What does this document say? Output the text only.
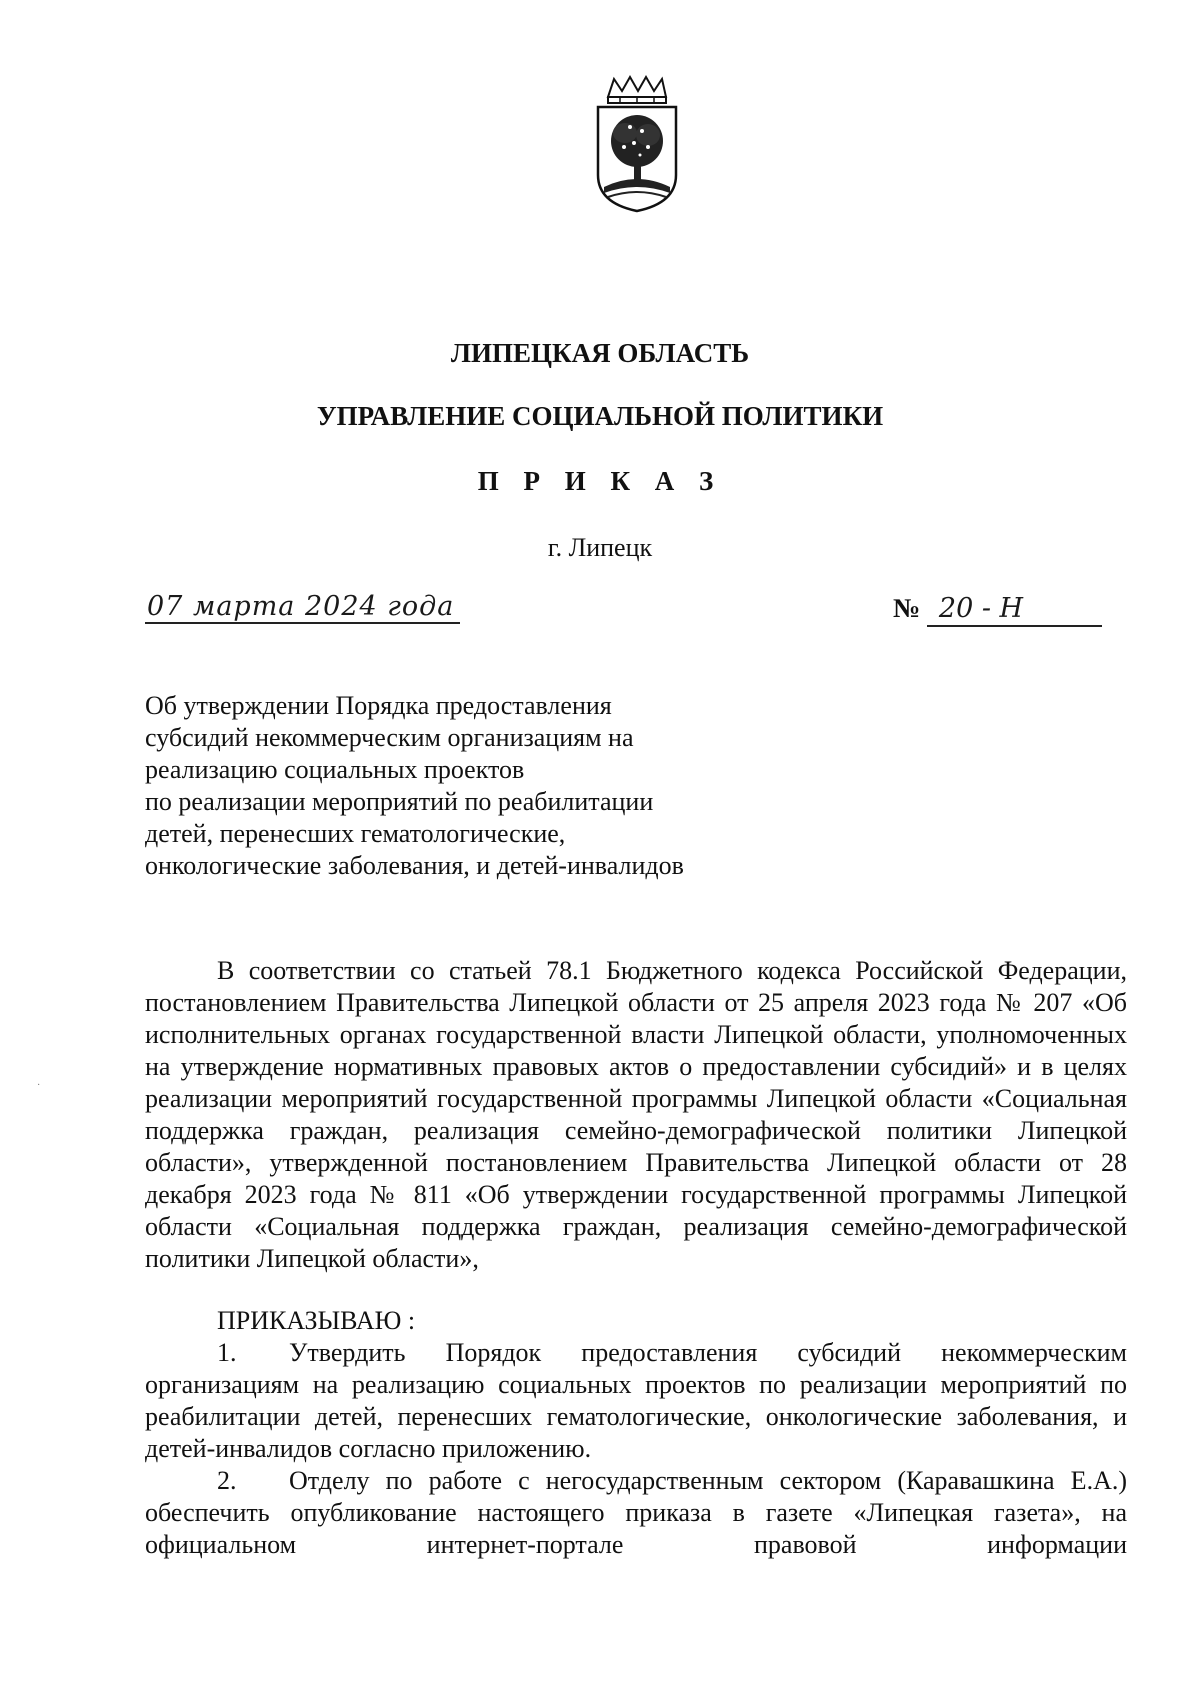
ЛИПЕЦКАЯ ОБЛАСТЬ
УПРАВЛЕНИЕ СОЦИАЛЬНОЙ ПОЛИТИКИ
П Р И К А З
г. Липецк
07 марта 2024 года	№ 20 - Н
Об утверждении Порядка предоставления
субсидий некоммерческим организациям на
реализацию социальных проектов
по реализации мероприятий по реабилитации
детей, перенесших гематологические,
онкологические заболевания, и детей-инвалидов

В соответствии со статьей 78.1 Бюджетного кодекса Российской Федерации, постановлением Правительства Липецкой области от 25 апреля 2023 года № 207 «Об исполнительных органах государственной власти Липецкой области, уполномоченных на утверждение нормативных правовых актов о предоставлении субсидий» и в целях реализации мероприятий государственной программы Липецкой области «Социальная поддержка граждан, реализация семейно-демографической политики Липецкой области», утвержденной постановлением Правительства Липецкой области от 28 декабря 2023 года № 811 «Об утверждении государственной программы Липецкой области «Социальная поддержка граждан, реализация семейно-демографической политики Липецкой области»,

ПРИКАЗЫВАЮ :

1. Утвердить Порядок предоставления субсидий некоммерческим организациям на реализацию социальных проектов по реализации мероприятий по реабилитации детей, перенесших гематологические, онкологические заболевания, и детей-инвалидов согласно приложению.

2. Отделу по работе с негосударственным сектором (Каравашкина Е.А.) обеспечить опубликование настоящего приказа в газете «Липецкая газета», на официальном интернет-портале правовой информации

·
